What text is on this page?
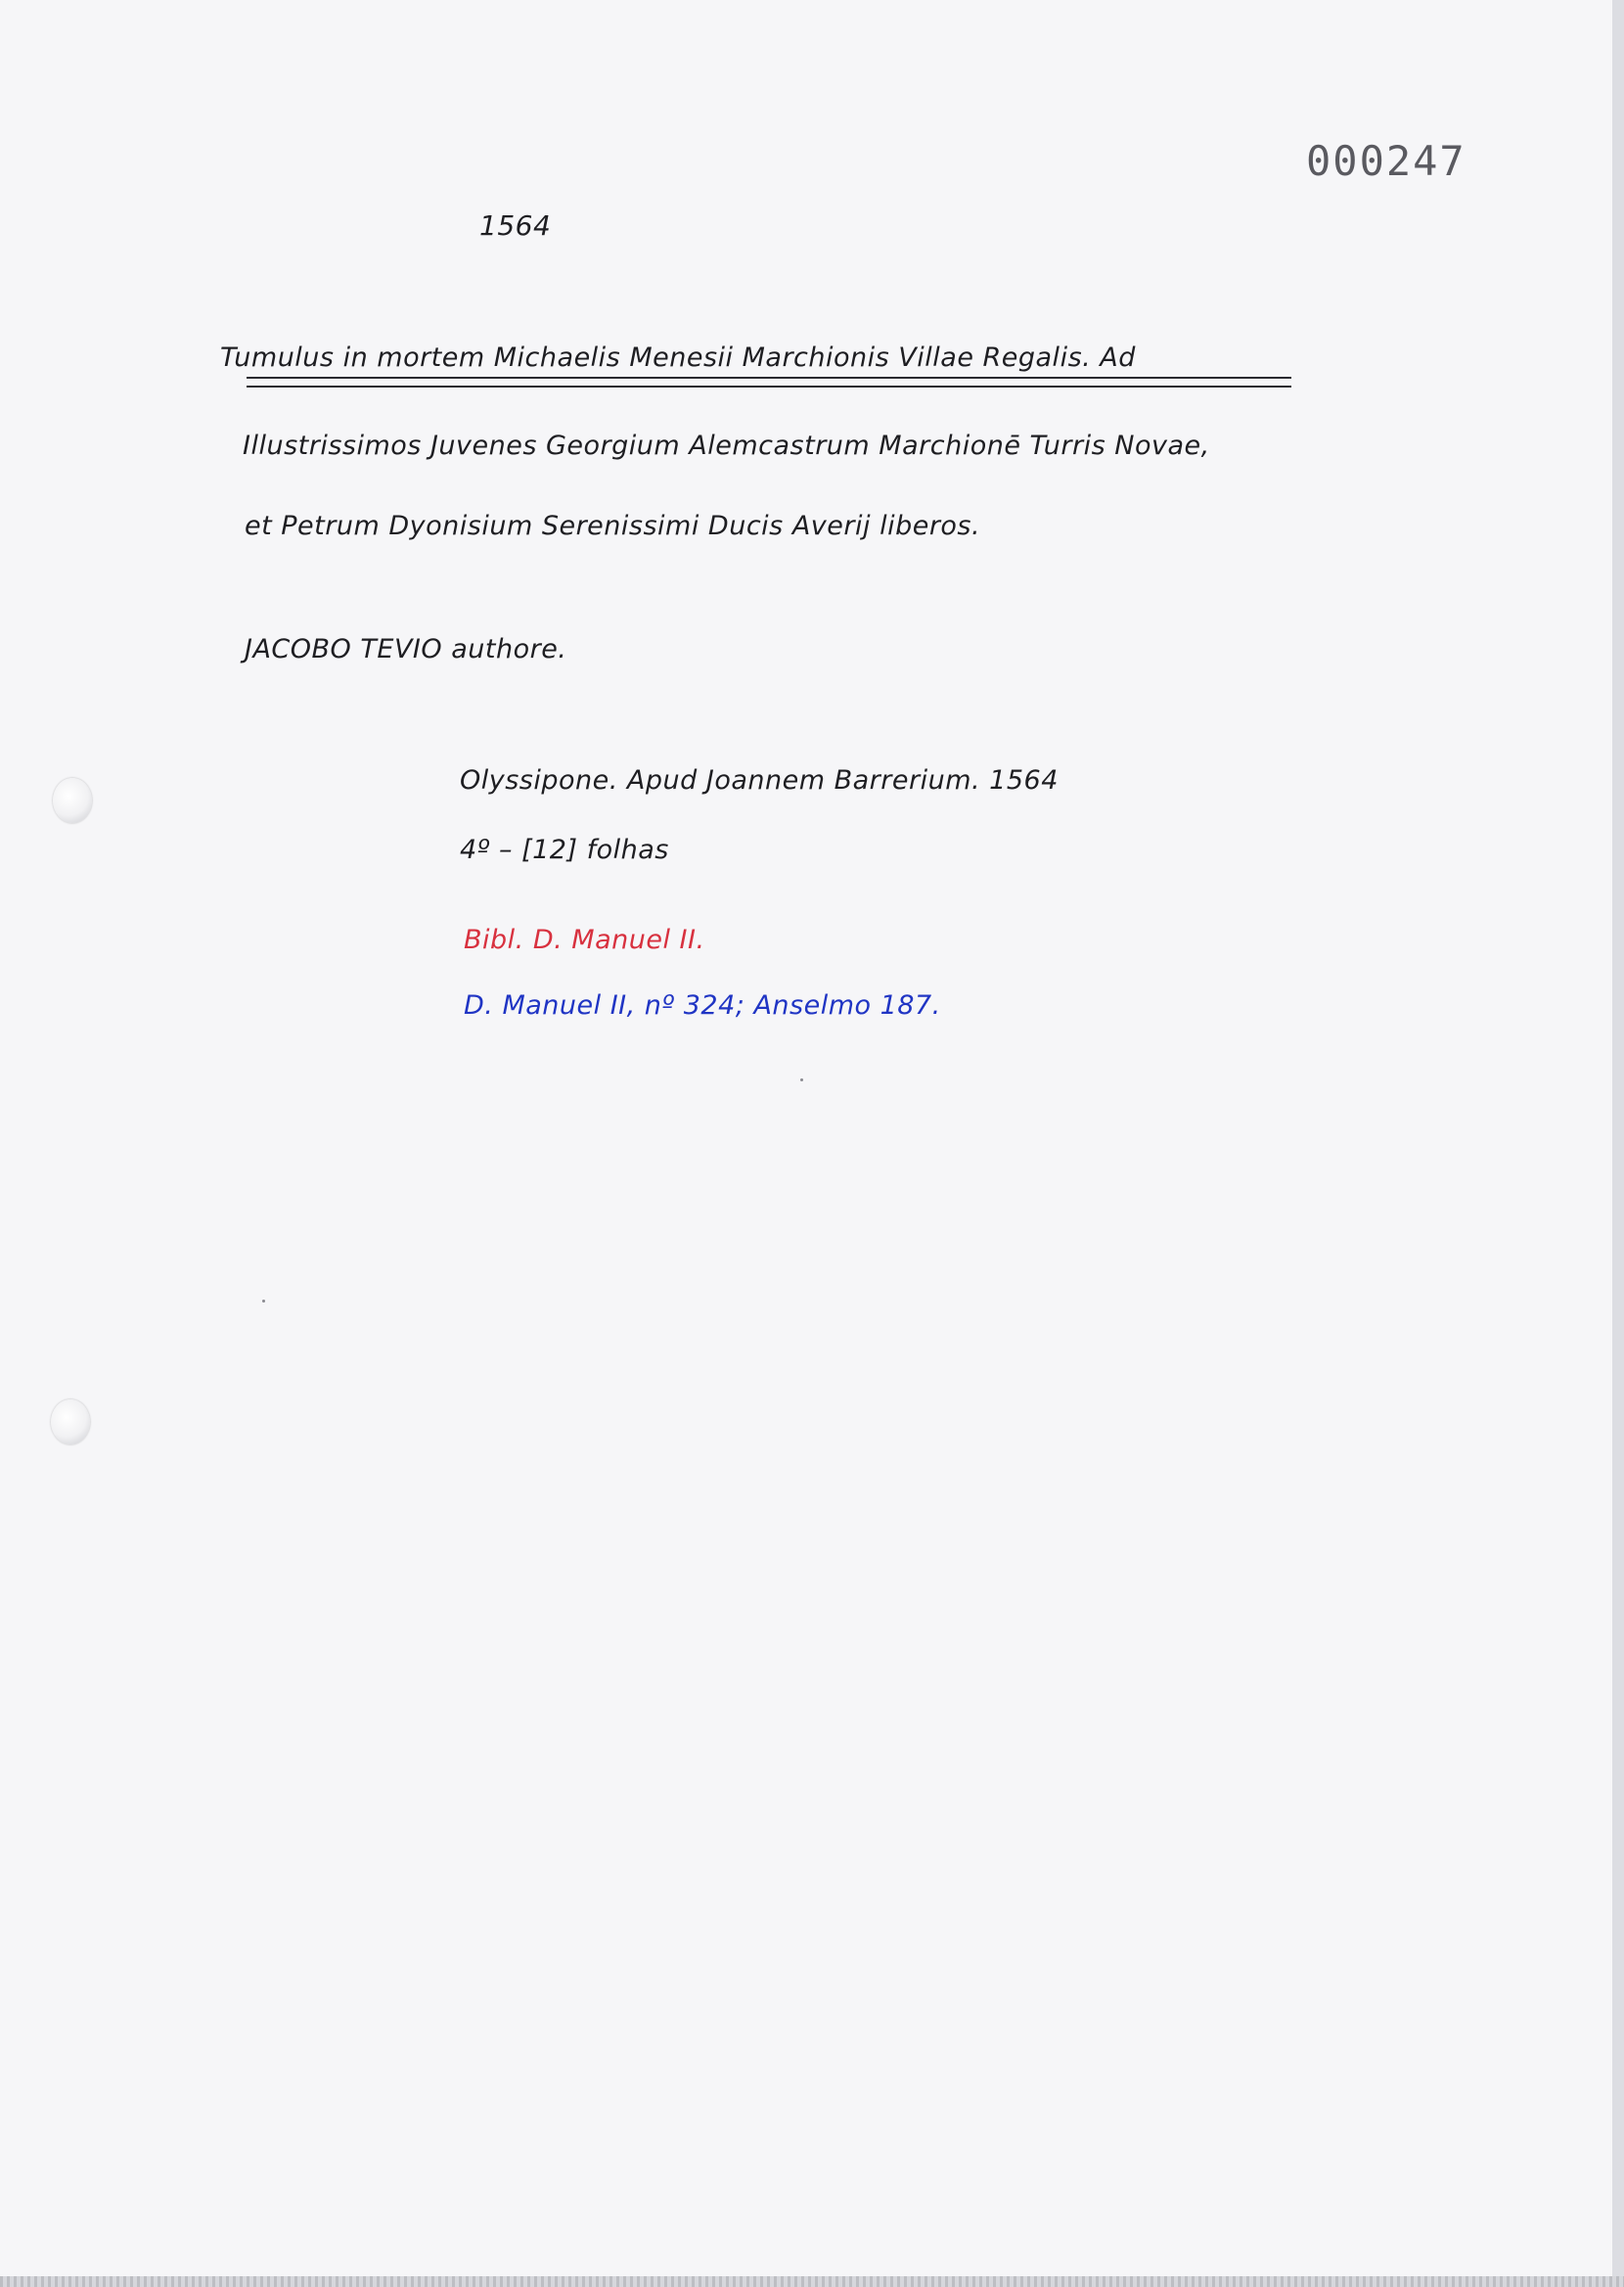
000247
1564
Tumulus in mortem Michaelis Menesii Marchionis Villae Regalis. Ad
Illustrissimos Juvenes Georgium Alemcastrum Marchionē Turris Novae,
et Petrum Dyonisium Serenissimi Ducis Averij liberos.
JACOBO TEVIO authore.
Olyssipone. Apud Joannem Barrerium. 1564
4º – [12] folhas
Bibl. D. Manuel II.
D. Manuel II, nº 324; Anselmo 187.
